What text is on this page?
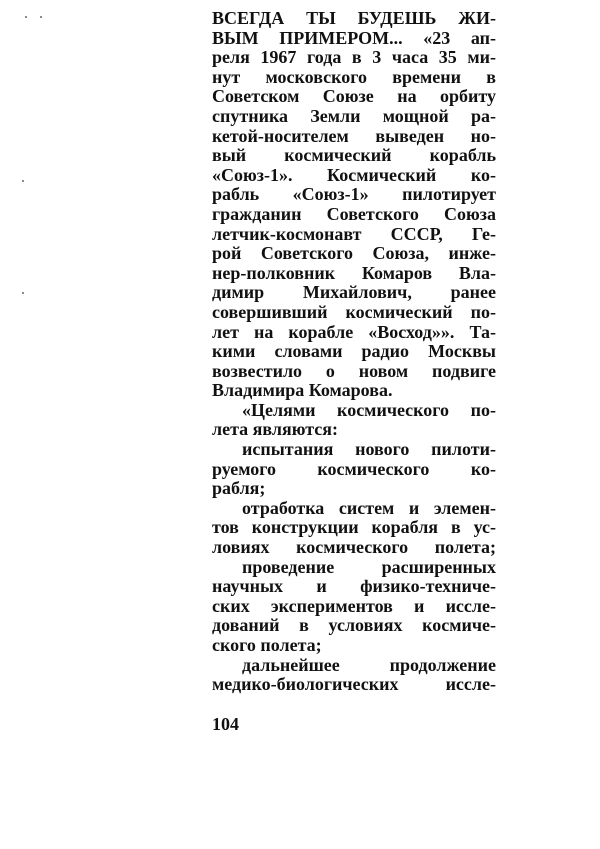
ВСЕГДА ТЫ БУДЕШЬ ЖИ-
ВЫМ ПРИМЕРОМ... «23 ап-
реля 1967 года в 3 часа 35 ми-
нут московского времени в
Советском Союзе на орбиту
спутника Земли мощной ра-
кетой-носителем выведен но-
вый космический корабль
«Союз-1». Космический ко-
рабль «Союз-1» пилотирует
гражданин Советского Союза
летчик-космонавт СССР, Ге-
рой Советского Союза, инже-
нер-полковник Комаров Вла-
димир Михайлович, ранее
совершивший космический по-
лет на корабле «Восход»». Та-
кими словами радио Москвы
возвестило о новом подвиге
Владимира Комарова.
«Целями космического по-
лета являются:
испытания нового пилоти-
руемого космического ко-
рабля;
отработка систем и элемен-
тов конструкции корабля в ус-
ловиях космического полета;
проведение расширенных
научных и физико-техниче-
ских экспериментов и иссле-
дований в условиях космиче-
ского полета;
дальнейшее продолжение
медико-биологических иссле-
104
